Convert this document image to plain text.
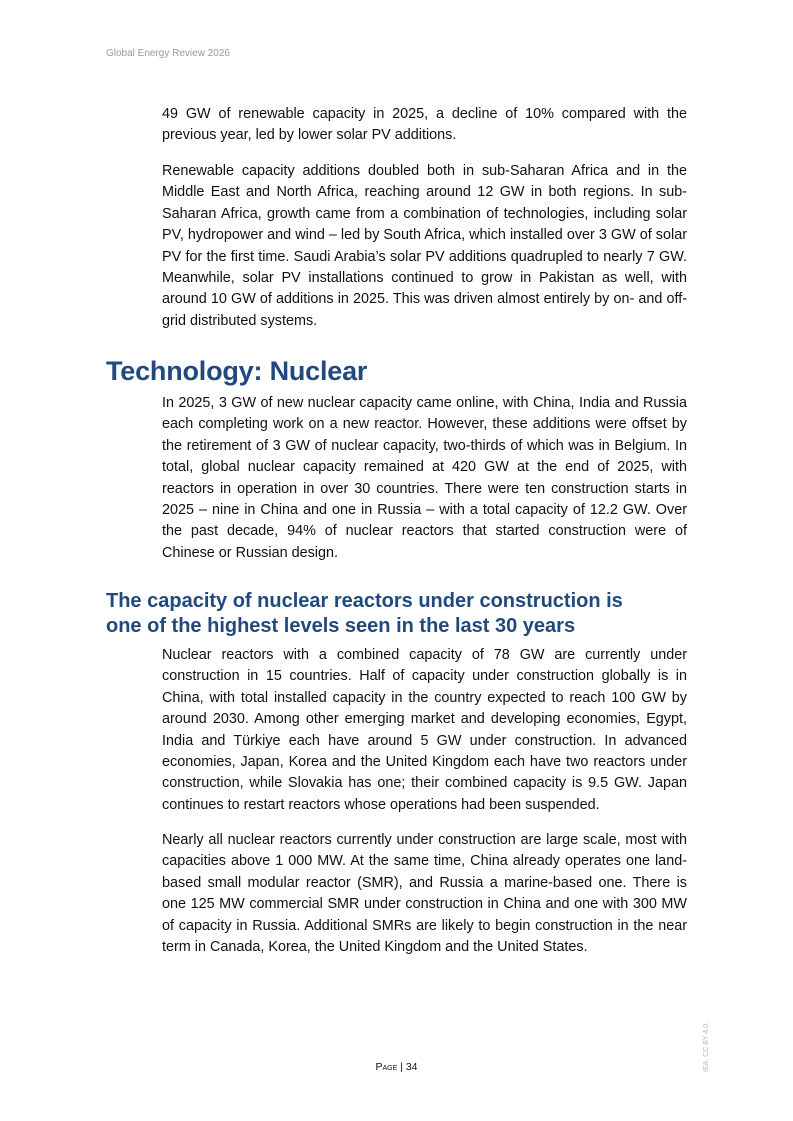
Global Energy Review 2026

49 GW of renewable capacity in 2025, a decline of 10% compared with the previous year, led by lower solar PV additions.

Renewable capacity additions doubled both in sub-Saharan Africa and in the Middle East and North Africa, reaching around 12 GW in both regions. In sub-Saharan Africa, growth came from a combination of technologies, including solar PV, hydropower and wind – led by South Africa, which installed over 3 GW of solar PV for the first time. Saudi Arabia’s solar PV additions quadrupled to nearly 7 GW. Meanwhile, solar PV installations continued to grow in Pakistan as well, with around 10 GW of additions in 2025. This was driven almost entirely by on- and off-grid distributed systems.

Technology: Nuclear

In 2025, 3 GW of new nuclear capacity came online, with China, India and Russia each completing work on a new reactor. However, these additions were offset by the retirement of 3 GW of nuclear capacity, two-thirds of which was in Belgium. In total, global nuclear capacity remained at 420 GW at the end of 2025, with reactors in operation in over 30 countries. There were ten construction starts in 2025 – nine in China and one in Russia – with a total capacity of 12.2 GW. Over the past decade, 94% of nuclear reactors that started construction were of Chinese or Russian design.

The capacity of nuclear reactors under construction is
one of the highest levels seen in the last 30 years

Nuclear reactors with a combined capacity of 78 GW are currently under construction in 15 countries. Half of capacity under construction globally is in China, with total installed capacity in the country expected to reach 100 GW by around 2030. Among other emerging market and developing economies, Egypt, India and Türkiye each have around 5 GW under construction. In advanced economies, Japan, Korea and the United Kingdom each have two reactors under construction, while Slovakia has one; their combined capacity is 9.5 GW. Japan continues to restart reactors whose operations had been suspended.

Nearly all nuclear reactors currently under construction are large scale, most with capacities above 1 000 MW. At the same time, China already operates one land-based small modular reactor (SMR), and Russia a marine-based one. There is one 125 MW commercial SMR under construction in China and one with 300 MW of capacity in Russia. Additional SMRs are likely to begin construction in the near term in Canada, Korea, the United Kingdom and the United States.

Page | 34	IEA. CC BY 4.0.
